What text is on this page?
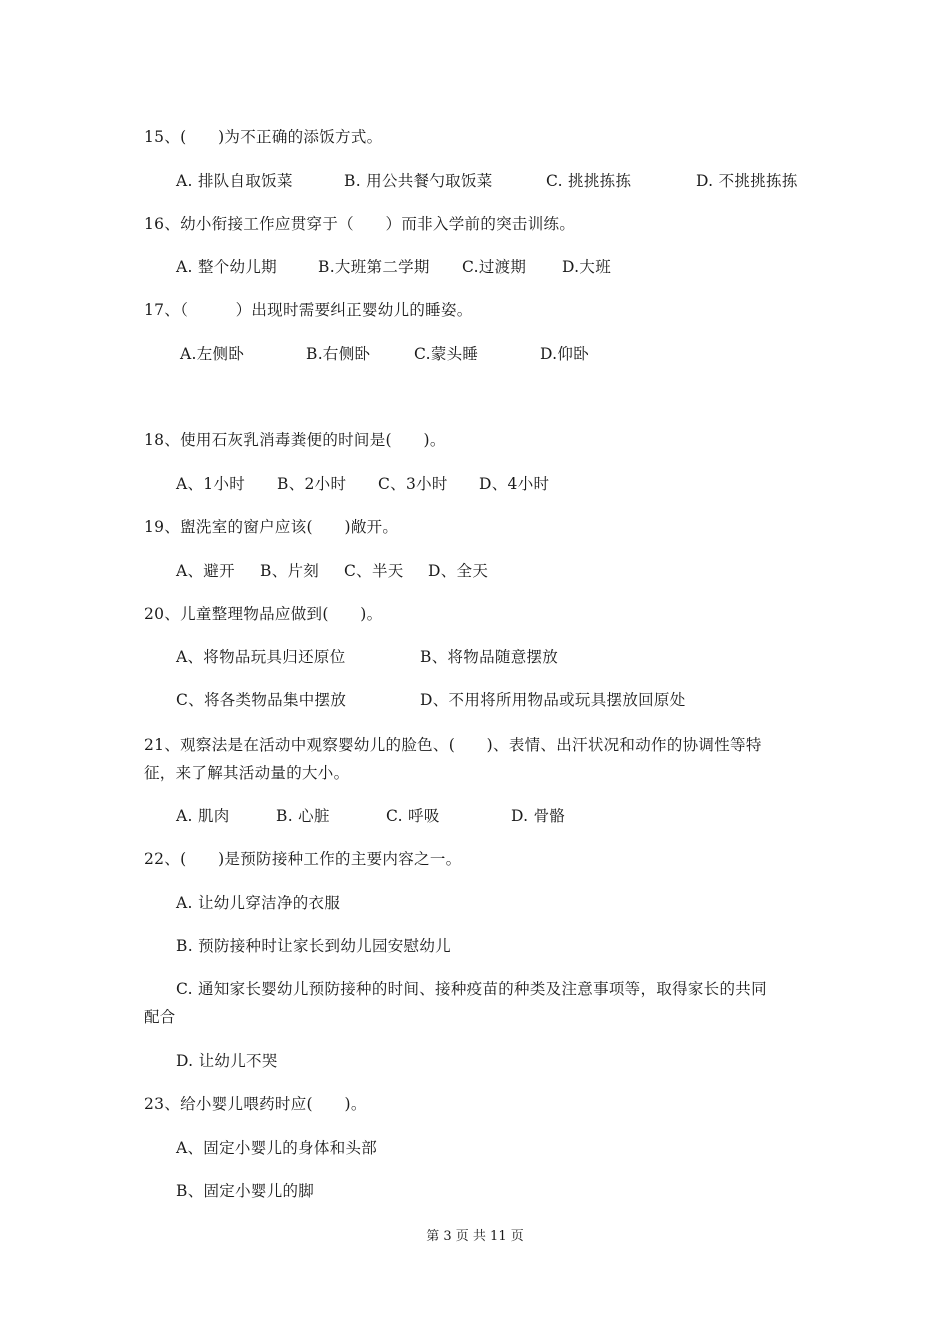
15、(　　)为不正确的添饭方式。
A. 排队自取饭菜	B. 用公共餐勺取饭菜	C. 挑挑拣拣	D. 不挑挑拣拣
16、幼小衔接工作应贯穿于（　　）而非入学前的突击训练。
A. 整个幼儿期	B.大班第二学期 C.过渡期 D.大班
17、（　　　）出现时需要纠正婴幼儿的睡姿。
A.左侧卧	B.右侧卧	C.蒙头睡	D.仰卧
18、使用石灰乳消毒粪便的时间是(　　)。
A、1小时 B、2小时 C、3小时 D、4小时
19、盥洗室的窗户应该(　　)敞开。
A、避开 B、片刻 C、半天 D、全天
20、儿童整理物品应做到(　　)。
A、将物品玩具归还原位	B、将物品随意摆放
C、将各类物品集中摆放	D、不用将所用物品或玩具摆放回原处
21、观察法是在活动中观察婴幼儿的脸色、(　　)、表情、出汗状况和动作的协调性等特
征，来了解其活动量的大小。
A. 肌肉	B. 心脏	C. 呼吸	D. 骨骼
22、(　　)是预防接种工作的主要内容之一。
A. 让幼儿穿洁净的衣服
B. 预防接种时让家长到幼儿园安慰幼儿
C. 通知家长婴幼儿预防接种的时间、接种疫苗的种类及注意事项等，取得家长的共同
配合
D. 让幼儿不哭
23、给小婴儿喂药时应(　　)。
A、固定小婴儿的身体和头部
B、固定小婴儿的脚
第 3 页 共 11 页
